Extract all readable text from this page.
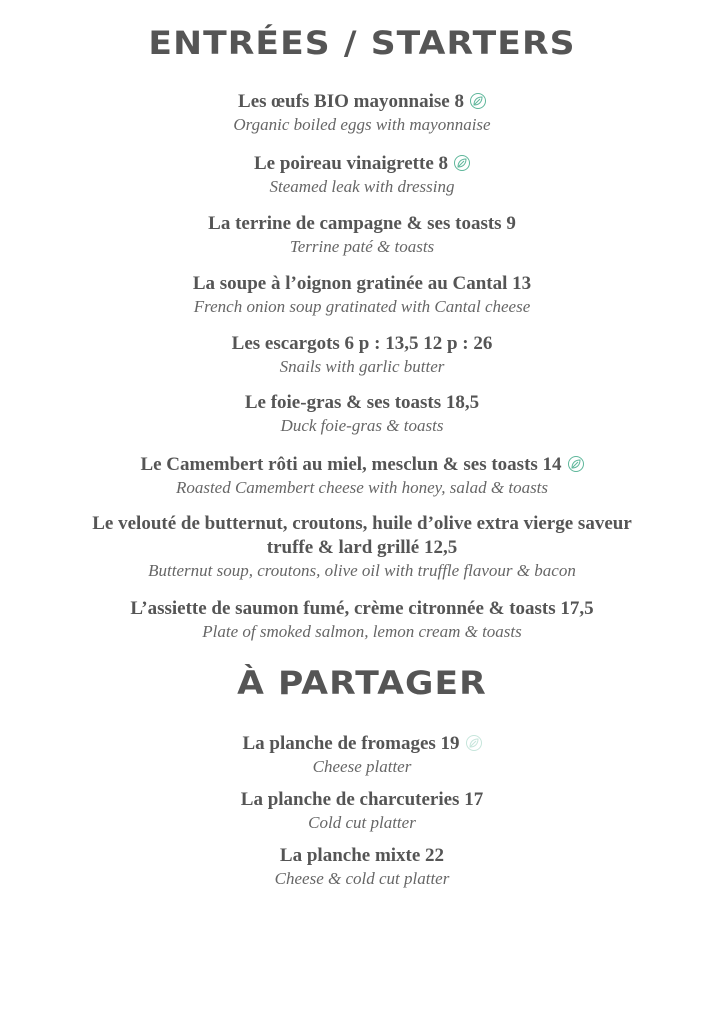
ENTRÉES / STARTERS
Les œufs BIO mayonnaise 8
Organic boiled eggs with mayonnaise
Le poireau vinaigrette 8
Steamed leak with dressing
La terrine de campagne & ses toasts 9
Terrine paté & toasts
La soupe à l’oignon gratinée au Cantal 13
French onion soup gratinated with Cantal cheese
Les escargots 6 p : 13,5 12 p : 26
Snails with garlic butter
Le foie-gras & ses toasts 18,5
Duck foie-gras & toasts
Le Camembert rôti au miel, mesclun & ses toasts 14
Roasted Camembert cheese with honey, salad & toasts
Le velouté de butternut, croutons, huile d’olive extra vierge saveur
truffe & lard grillé 12,5
Butternut soup, croutons, olive oil with truffle flavour & bacon
L’assiette de saumon fumé, crème citronnée & toasts 17,5
Plate of smoked salmon, lemon cream & toasts
À PARTAGER
La planche de fromages 19
Cheese platter
La planche de charcuteries 17
Cold cut platter
La planche mixte 22
Cheese & cold cut platter
